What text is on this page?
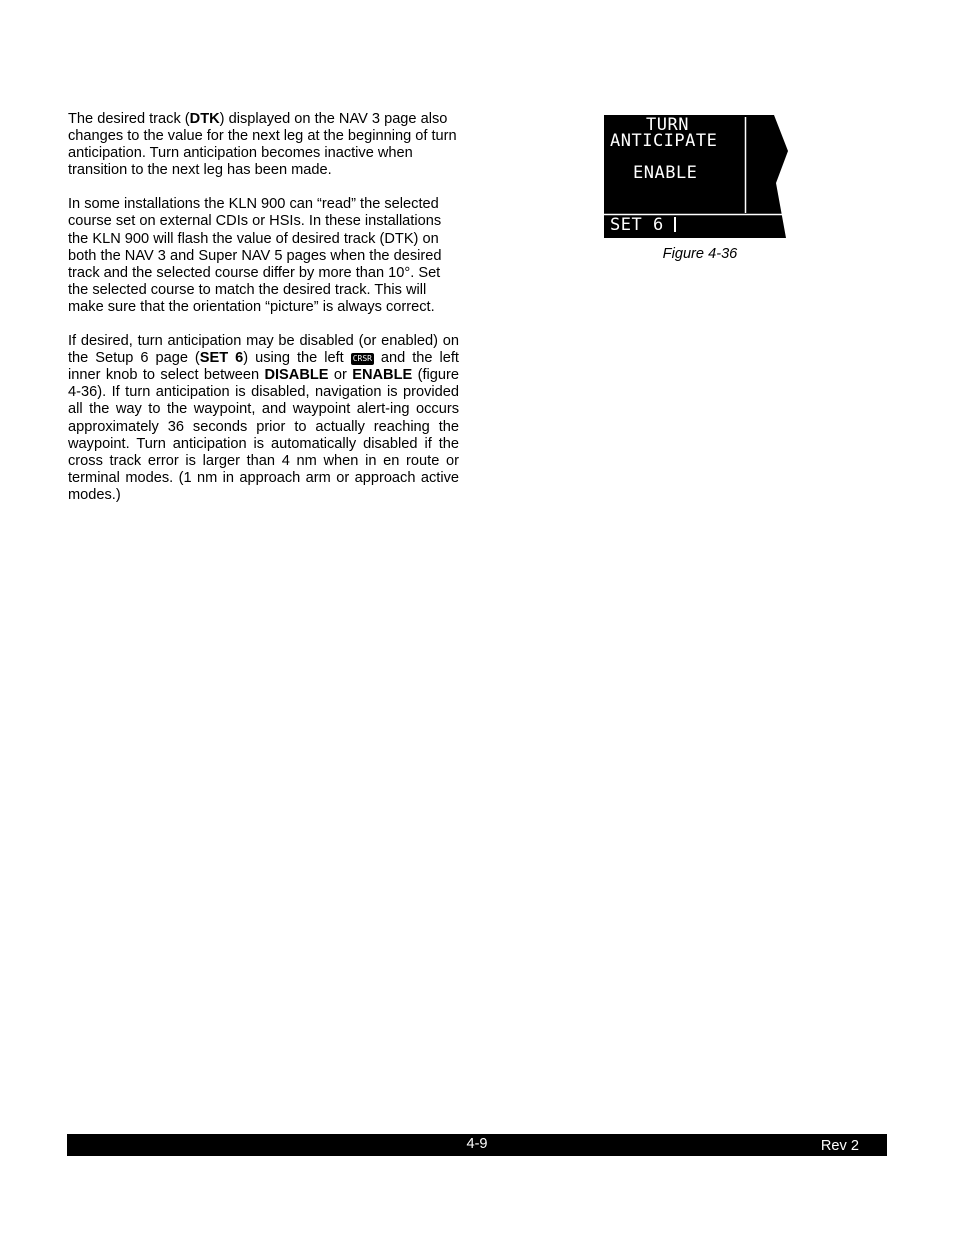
The desired track (DTK) displayed on the NAV 3 page also changes to the value for the next leg at the beginning of turn anticipation. Turn anticipation becomes inactive when transition to the next leg has been made.

In some installations the KLN 900 can “read” the selected course set on external CDIs or HSIs. In these installations the KLN 900 will flash the value of desired track (DTK) on both the NAV 3 and Super NAV 5 pages when the desired track and the selected course differ by more than 10°. Set the selected course to match the desired track. This will make sure that the orientation “picture” is always correct.

If desired, turn anticipation may be disabled (or enabled) on the Setup 6 page (SET 6) using the left CRSR and the left inner knob to select between DISABLE or ENABLE (figure 4-36). If turn anticipation is disabled, navigation is provided all the way to the waypoint, and waypoint alert-ing occurs approximately 36 seconds prior to actually reaching the waypoint. Turn anticipation is automatically disabled if the cross track error is larger than 4 nm when in en route or terminal modes. (1 nm in approach arm or approach active modes.)

TURN
ANTICIPATE
ENABLE
SET 6
Figure 4-36
4-9	Rev 2
